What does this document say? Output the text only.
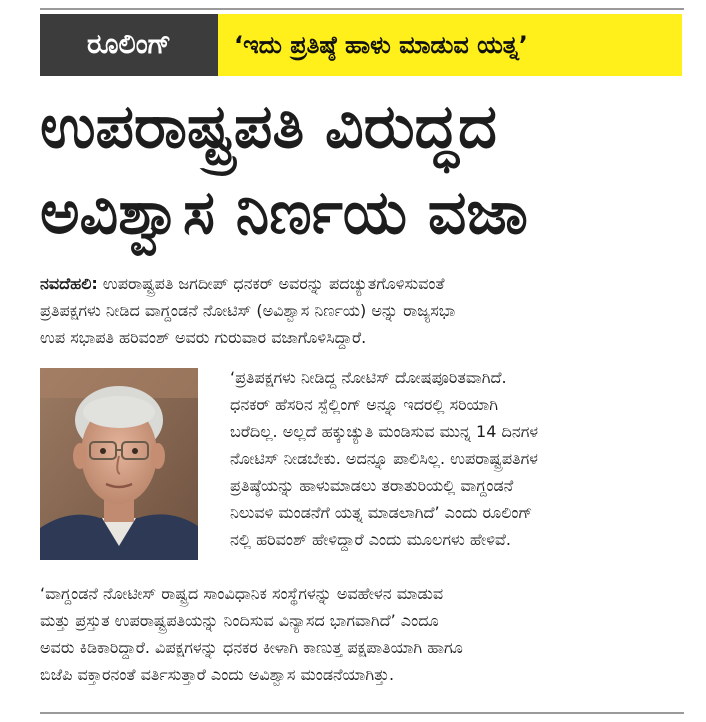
ರೂಲಿಂಗ್	‘ಇದು ಪ್ರತಿಷ್ಠೆ ಹಾಳು ಮಾಡುವ ಯತ್ನ’
ಉಪರಾಷ್ಟ್ರಪತಿ ವಿರುದ್ಧದ
ಅವಿಶ್ವಾಸ ನಿರ್ಣಯ ವಜಾ
ನವದೆಹಲಿ: ಉಪರಾಷ್ಟ್ರಪತಿ ಜಗದೀಪ್ ಧನಕರ್ ಅವರನ್ನು ಪದಚ್ಯುತಗೊಳಿಸುವಂತೆ
ಪ್ರತಿಪಕ್ಷಗಳು ನೀಡಿದ ವಾಗ್ದಂಡನೆ ನೋಟಿಸ್ (ಅವಿಶ್ವಾಸ ನಿರ್ಣಯ) ಅನ್ನು ರಾಜ್ಯಸಭಾ
ಉಪ ಸಭಾಪತಿ ಹರಿವಂಶ್ ಅವರು ಗುರುವಾರ ವಜಾಗೊಳಿಸಿದ್ದಾರೆ.
‘ಪ್ರತಿಪಕ್ಷಗಳು ನೀಡಿದ್ದ ನೋಟಿಸ್ ದೋಷಪೂರಿತವಾಗಿದೆ.
ಧನಕರ್ ಹೆಸರಿನ ಸ್ಪೆಲ್ಲಿಂಗ್ ಅನ್ನೂ ಇದರಲ್ಲಿ ಸರಿಯಾಗಿ
ಬರೆದಿಲ್ಲ. ಅಲ್ಲದೆ ಹಕ್ಕುಚ್ಯುತಿ ಮಂಡಿಸುವ ಮುನ್ನ 14 ದಿನಗಳ
ನೋಟಿಸ್ ನೀಡಬೇಕು. ಅದನ್ನೂ ಪಾಲಿಸಿಲ್ಲ. ಉಪರಾಷ್ಟ್ರಪತಿಗಳ
ಪ್ರತಿಷ್ಠೆಯನ್ನು ಹಾಳುಮಾಡಲು ತರಾತುರಿಯಲ್ಲಿ ವಾಗ್ದಂಡನೆ
ನಿಲುವಳಿ ಮಂಡನೆಗೆ ಯತ್ನ ಮಾಡಲಾಗಿದೆ’ ಎಂದು ರೂಲಿಂಗ್
ನಲ್ಲಿ ಹರಿವಂಶ್ ಹೇಳಿದ್ದಾರೆ ಎಂದು ಮೂಲಗಳು ಹೇಳಿವೆ.
‘ವಾಗ್ದಂಡನೆ ನೋಟೀಸ್ ರಾಷ್ಟ್ರದ ಸಾಂವಿಧಾನಿಕ ಸಂಸ್ಥೆಗಳನ್ನು ಅವಹೇಳನ ಮಾಡುವ
ಮತ್ತು ಪ್ರಸ್ತುತ ಉಪರಾಷ್ಟ್ರಪತಿಯನ್ನು ನಿಂದಿಸುವ ವಿನ್ಯಾಸದ ಭಾಗವಾಗಿದೆ’ ಎಂದೂ
ಅವರು ಕಿಡಿಕಾರಿದ್ದಾರೆ. ವಿಪಕ್ಷಗಳನ್ನು ಧನಕರ ಕೀಳಾಗಿ ಕಾಣುತ್ತ ಪಕ್ಷಪಾತಿಯಾಗಿ ಹಾಗೂ
ಬಿಜೆಪಿ ವಕ್ತಾರನಂತೆ ವರ್ತಿಸುತ್ತಾರೆ ಎಂದು ಅವಿಶ್ವಾಸ ಮಂಡನೆಯಾಗಿತ್ತು.
